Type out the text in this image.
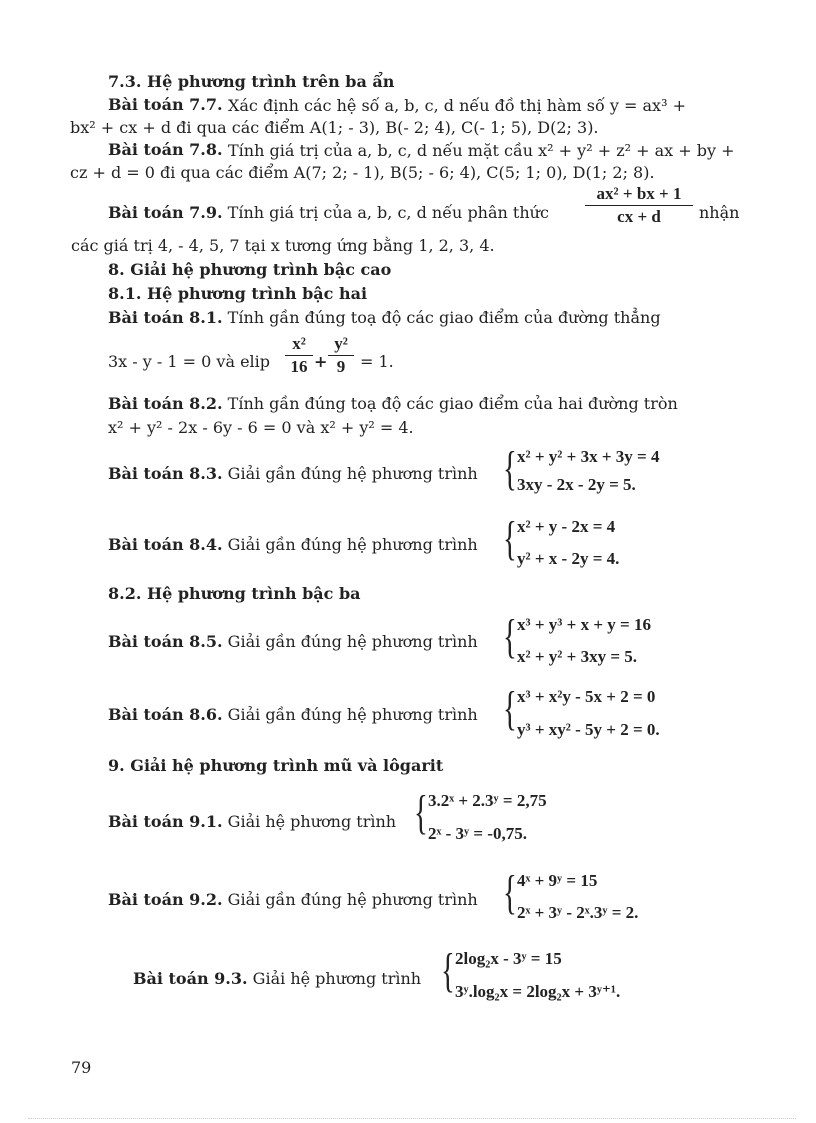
7.3. Hệ phương trình trên ba ẩn
Bài toán 7.7. Xác định các hệ số a, b, c, d nếu đồ thị hàm số y = ax³ + bx² + cx + d đi qua các điểm A(1; - 3), B(- 2; 4), C(- 1; 5), D(2; 3).
Bài toán 7.8. Tính giá trị của a, b, c, d nếu mặt cầu x² + y² + z² + ax + by + cz + d = 0 đi qua các điểm A(7; 2; - 1), B(5; - 6; 4), C(5; 1; 0), D(1; 2; 8).
Bài toán 7.9. Tính giá trị của a, b, c, d nếu phân thức
ax² + bx + 1
cx + d	nhận
các giá trị 4, - 4, 5, 7 tại x tương ứng bằng 1, 2, 3, 4.
8. Giải hệ phương trình bậc cao
8.1. Hệ phương trình bậc hai
Bài toán 8.1. Tính gần đúng toạ độ các giao điểm của đường thẳng
3x - y - 1 = 0 và elip
x²
16 +
y²
9 = 1.
Bài toán 8.2. Tính gần đúng toạ độ các giao điểm của hai đường tròn
x² + y² - 2x - 6y - 6 = 0 và x² + y² = 4.
Bài toán 8.3. Giải gần đúng hệ phương trình { x² + y² + 3x + 3y = 4
3xy - 2x - 2y = 5.
Bài toán 8.4. Giải gần đúng hệ phương trình { x² + y - 2x = 4
y² + x - 2y = 4.
8.2. Hệ phương trình bậc ba
Bài toán 8.5. Giải gần đúng hệ phương trình { x³ + y³ + x + y = 16
x² + y² + 3xy = 5.
Bài toán 8.6. Giải gần đúng hệ phương trình { x³ + x²y - 5x + 2 = 0
y³ + xy² - 5y + 2 = 0.
9. Giải hệ phương trình mũ và lôgarit
Bài toán 9.1. Giải hệ phương trình { 3.2ˣ + 2.3ʸ = 2,75
2ˣ - 3ʸ = -0,75.
Bài toán 9.2. Giải gần đúng hệ phương trình { 4ˣ + 9ʸ = 15
2ˣ + 3ʸ - 2ˣ.3ʸ = 2.
Bài toán 9.3. Giải hệ phương trình { 2log₂x - 3ʸ = 15
3ʸ.log₂x = 2log₂x + 3ʸ⁺¹.
79
